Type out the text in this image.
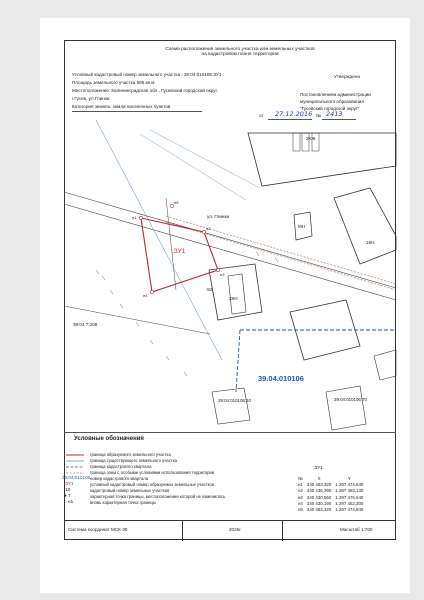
Схема расположения земельного участка или земельных участков
на кадастровом плане территории
Условный кадастровый номер земельного участка : 39:04:010106:ЗУ1
Площадь земельного участка 595 кв.м.
Местоположение: Калининградская обл., Гусевский городской округ,
г.Гусев, ул.Глинки
Категория земель: земли населенных пунктов
Утверждена
Постановлением администрации
муниципального образования
"Гусевский городской округ"
от 27.12.2016 № 2413
2КЖ
1КН
МН
2КН
ул. Глинки
:82
39:04:7:208
:ЗУ1
39.04.010106
39:04:010106:10	39:04:010106:70
н1
н2
н3
н4
н5
Условные обозначения
граница образуемого земельного участка
граница существующего земельного участка
граница кадастрового квартала
граница зоны с особыми условиями использования территории
39:04:010106 номер кадастрового квартала
:ЗУ1	условный кадастровый номер образуемых земельных участков
:10	кадастровый номер земельных участков
● 7	характерная точка границы, местоположение которой не изменилось
○ н1	вновь характерная точка границы
:ЗУ1
№	X	Y
н1	340 453,320	1 297 474,840
н2	340 436,390	1 297 493,130
н3	340 430,560	1 297 476,540
н4	340 430,190	1 297 462,300
н5	340 453,320	1 297 474,840
Система координат МСК-39	2025г.	Масштаб 1:700
